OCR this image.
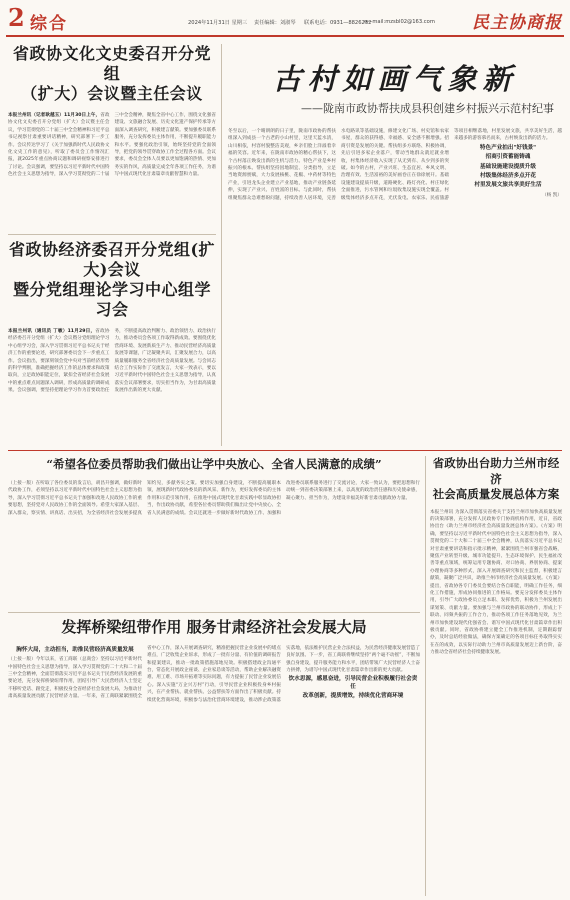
2 综合	2024年11月31日 星期三 责任编辑：刘淑琴 联系电话：0931—8826232
e—mail:mzsbl02@163.com 民主协商报
省政协文化文史委召开分党组
（扩大）会议暨主任会议
本报兰州讯（记者耿越玉）11月30日上午，省政协文化文史委召开分党组（扩大）会议暨主任会议，学习贯彻党的二十届三中全会精神和习近平总书记视察甘肃重要讲话精神，研究部署下一步工作。会议传达学习了《关于加强新时代人民政协文化文史工作的意见》，听取了委员会工作情况汇报，就2025年重点协商议题和调研视察安排进行了讨论。会议强调，要坚持以习近平新时代中国特色社会主义思想为指导，深入学习贯彻党的二十届三中全会精神，聚焦全省中心工作，围绕文化强省建设、文旅融合发展、历史文化遗产保护传承等方面深入调查研究，积极建言献策。要加强委员联系服务，充分发挥委员主体作用，不断提升履职能力和水平。要强化政治引领，始终坚持党的全面领导，把党的领导贯穿政协工作全过程各方面。会议要求，委员会全体人员要以更加饱满的热情、更加务实的作风，高质量完成全年各项工作任务，为谱写中国式现代化甘肃篇章贡献智慧和力量。
省政协经济委召开分党组(扩大)会议
暨分党组理论学习中心组学习会
本报兰州讯（通讯员 丁敏）11月29日，省政协经济委召开分党组（扩大）会议暨分党组理论学习中心组学习会，深入学习贯彻习近平总书记关于经济工作的重要论述，研究部署委员会下一步重点工作。会议指出，要深刻领会党中央对当前经济形势的科学判断，准确把握经济工作的总体要求和政策取向，立足政协职能定位，紧扣全省经济社会发展中的重点难点问题深入调研，形成高质量的调研成果。会议强调，要坚持把理论学习作为首要政治任务，不断提高政治判断力、政治领悟力、政治执行力，推动委员会各项工作取得新成效。要围绕优化营商环境、发展新质生产力、推动民营经济高质量发展等课题，广泛凝聚共识，汇聚发展合力，以高质量履职服务全省经济社会高质量发展。与会同志结合工作实际作了交流发言，大家一致表示，要以习近平新时代中国特色社会主义思想为指导，认真落实会议部署要求，切实担当作为，为甘肃高质量发展作出新的更大贡献。
古村如画气象新
——陇南市政协帮扶成县积创建乡村振兴示范村纪事
冬至以后，一个晴朗朗的日子里，陇南市政协的帮扶组深入到成县一个古老的小山村里，这里天蓝水清，山川相依，村容村貌整洁美观，乡亲们脸上洋溢着幸福的笑容。近年来，在陇南市政协的精心帮扶下，这个古村落正焕发出新的生机与活力。特色产业是乡村振兴的根本。帮扶组坚持因地制宜、分类指导，立足当地资源禀赋，大力发展核桃、花椒、中药材等特色产业，引进龙头企业建立产业基地，推动产业链条延伸，实现了产业兴、百姓富的目标。与此同时，帮扶组聚焦群众急难愁盼问题，持续改善人居环境，完善水电路讯等基础设施，修建文化广场、村史馆和农家书屋，群众的获得感、幸福感、安全感不断增强。招商引资是发展的关键。帮扶组多方联络、积极协调，先后引进多家企业落户，带动当地群众就近就业增收，村集体经济收入实现了从无到有、从少到多的突破。如今的古村，产业兴旺、生态宜居、乡风文明、治理有效、生活富裕的美好画卷正在徐徐展开。基础设施建设提质升级，道路硬化、路灯亮化、村庄绿化全面推进，污水管网和垃圾收集设施实现全覆盖。村级集体经济多点开花，光伏发电、农家乐、民宿旅游等项目相继落地，村里发展文旅，共享美好生活，越来越多的游客慕名而来，古村焕发出新的活力。
特色产业拍出"好钱景"
招商引资蓄能铸魂
基础设施建设提质升级
村级集体经济多点开花
村里发展文旅共享美好生活
（杨 凯）
“希望各位委员帮助我们做出让学中央放心、全省人民满意的成绩”
（上接一版）在听取了各位委员的发言后，胡昌升强调，做好新时代政协工作，必须坚持以习近平新时代中国特色社会主义思想为指导，深入学习贯彻习近平总书记关于加强和改进人民政协工作的重要思想，坚持党对人民政协工作的全面领导。希望大家深入基层、深入群众，察实情、讲真话、出实招，为全省经济社会发展多提真知灼见，多献务实之策。要切实加强自身建设，不断提高履职本领，展现新时代政协委员的新风采、新作为，更好发挥委员的主体作用和示范引领作用，在推进中国式现代化甘肃实践中彰显政协担当，作出政协贡献，希望各位委员帮助我们做出让党中央放心、全省人民满意的成绩。会议还就进一步做好新时代政协工作、加强和改进委员联系服务进行了交流讨论，大家一致认为，要把思想和行动统一到省委决策部署上来，以高度的政治责任感和历史使命感，凝心聚力、担当作为，为建设幸福美好新甘肃贡献政协力量。
发挥桥梁纽带作用 服务甘肃经济社会发展大局
胸怀大局，主动担当，助推民营经济高质量发展
（上接一版）今年以来，省工商联（总商会）坚持以习近平新时代中国特色社会主义思想为指导，深入学习贯彻党的二十大和二十届三中全会精神，全面贯彻落实习近平总书记关于民营经济发展的重要论述，充分发挥桥梁纽带作用，团结引导广大民营经济人士坚定不移听党话、跟党走，积极投身全省经济社会发展大局，为推动甘肃高质量发展贡献了民营经济力量。一年来，省工商联紧紧围绕全省中心工作，深入开展调查研究，精准把握民营企业发展中的堵点难点，广泛收集企业诉求，形成了一批有分量、有价值的调研报告和提案建议，推动一批政策措施落地见效。积极搭建政企沟通平台，常态化开展政企座谈、企业家恳谈等活动，帮助企业解决融资难、用工难、市场开拓难等实际问题，有力提振了民营企业发展信心。深入实施“万企兴万村”行动，引导民营企业积极投身乡村振兴，在产业帮扶、就业帮扶、公益帮扶等方面作出了积极贡献。持续优化营商环境，积极参与法治化营商环境建设，推动涉企政策落实落地，依法维护民营企业合法权益，为民营经济健康发展营造了良好氛围。下一步，省工商联将继续坚持“两个毫不动摇”，不断加强自身建设，提升服务能力和水平，团结带领广大民营经济人士奋力拼搏，为谱写中国式现代化甘肃篇章作出新的更大贡献。
饮水思源，感恩奋进，引导民营企业积极履行社会责任
改革创新，提质增效，持续优化营商环境
省政协出台助力兰州市经济
社会高质量发展总体方案
本报兰州讯 为深入贯彻落实省委关于支持兰州市加快高质量发展的决策部署，充分发挥人民政协专门协商机构作用，近日，省政协出台《助力兰州市经济社会高质量发展总体方案》。《方案》明确，要坚持以习近平新时代中国特色社会主义思想为指导，深入贯彻党的二十大和二十届三中全会精神，认真落实习近平总书记对甘肃重要讲话和指示批示精神，紧紧围绕兰州市强省会战略，聚焦产业转型升级、城市功能提升、生态环境保护、民生福祉改善等重点领域，统筹运用专题协商、对口协商、界别协商、提案办理协商等多种形式，深入开展调查研究和民主监督，积极建言献策，凝聚广泛共识，助推兰州市经济社会高质量发展。《方案》提出，省政协各专门委员会要结合各自职能，明确工作任务，细化工作措施，形成协同推进的工作格局。要充分发挥委员主体作用，引导广大政协委员立足本职、发挥优势，积极为兰州发展出谋划策、贡献力量。要加强与兰州市政协的联动协作，形成上下联动、同频共振的工作合力，推动各项工作任务落地见效，为兰州市加快建设现代化强省会、谱写中国式现代化甘肃篇章作出积极贡献。同时，省政协将建立健全工作推进机制，定期跟踪督办，及时总结经验做法，确保方案确定的各项目标任务取得实实在在的成效，以实际行动助力兰州市高质量发展迈上新台阶，奋力推动全省经济社会持续健康发展。
